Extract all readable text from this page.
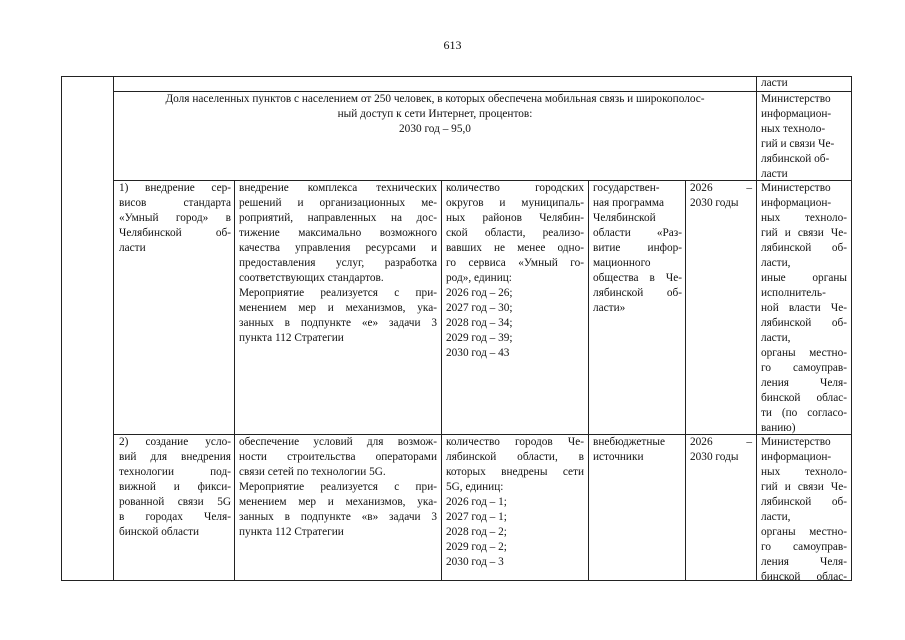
613
ласти
Доля населенных пунктов с населением от 250 человек, в которых обеспечена мобильная связь и широкополос-
ный доступ к сети Интернет, процентов:
2030 год – 95,0
Министерство
информацион-
ных технолo-
гий и связи Че-
лябинской об-
ласти
1) внедрение сер-
висов стандарта
«Умный город» в
Челябинской об-
ласти
внедрение комплекса технических
решений и организационных ме-
роприятий, направленных на дос-
тижение максимально возможного
качества управления ресурсами и
предоставления услуг, разработка
соответствующих стандартов.
Мероприятие реализуется с при-
менением мер и механизмов, ука-
занных в подпункте «е» задачи 3
пункта 112 Стратегии
количество городских
округов и муниципаль-
ных районов Челябин-
ской области, реализо-
вавших не менее одно-
го сервиса «Умный го-
род», единиц:
2026 год – 26;
2027 год – 30;
2028 год – 34;
2029 год – 39;
2030 год – 43
государствен-
ная программа
Челябинской
области «Раз-
витие инфор-
мационного
общества в Че-
лябинской об-
ласти»
2026 –
2030 годы
Министерство
информацион-
ных техноло-
гий и связи Че-
лябинской об-
ласти,
иные органы
исполнитель-
ной власти Че-
лябинской об-
ласти,
органы местно-
го самоуправ-
ления Челя-
бинской облас-
ти (по согласо-
ванию)
2) создание усло-
вий для внедрения
технологии под-
вижной и фикси-
рованной связи 5G
в городах Челя-
бинской области
обеспечение условий для возмож-
ности строительства операторами
связи сетей по технологии 5G.
Мероприятие реализуется с при-
менением мер и механизмов, ука-
занных в подпункте «в» задачи 3
пункта 112 Стратегии
количество городов Че-
лябинской области, в
которых внедрены сети
5G, единиц:
2026 год – 1;
2027 год – 1;
2028 год – 2;
2029 год – 2;
2030 год – 3
внебюджетные
источники
2026 –
2030 годы
Министерство
информацион-
ных техноло-
гий и связи Че-
лябинской об-
ласти,
органы местно-
го самоуправ-
ления Челя-
бинской облас-
